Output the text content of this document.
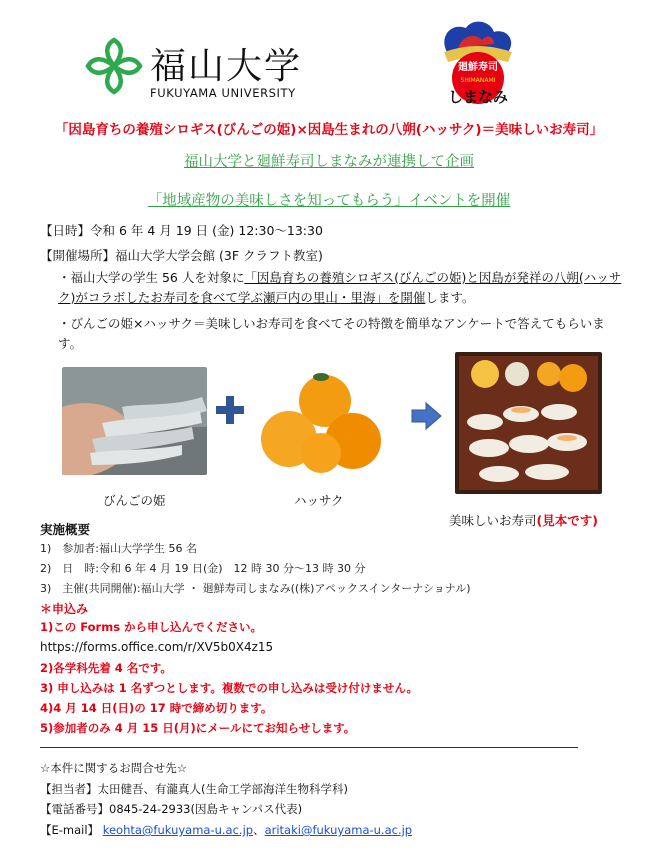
福山大学
FUKUYAMA UNIVERSITY
廻鮮寿司
SHIMANAMI
しまなみ
「因島育ちの養殖シロギス(びんごの姫)×因島生まれの八朔(ハッサク)＝美味しいお寿司」
福山大学と廻鮮寿司しまなみが連携して企画
「地域産物の美味しさを知ってもらう」イベントを開催
【日時】令和 6 年 4 月 19 日 (金) 12:30〜13:30
【開催場所】福山大学大学会館 (3F クラフト教室)
・福山大学の学生 56 人を対象に「因島育ちの養殖シロギス(びんごの姫)と因島が発祥の八朔(ハッサク)がコラボしたお寿司を食べて学ぶ瀬戸内の里山・里海」を開催します。
・びんごの姫×ハッサク＝美味しいお寿司を食べてその特徴を簡単なアンケートで答えてもらいます。
びんごの姫	ハッサク
美味しいお寿司(見本です)
実施概要
1)　参加者:福山大学学生 56 名
2)　日　時:令和 6 年 4 月 19 日(金)　12 時 30 分〜13 時 30 分
3)　主催(共同開催):福山大学 ・ 廻鮮寿司しまなみ((株)アペックスインターナショナル)
＊申込み
1)この Forms から申し込んでください。
https://forms.office.com/r/XV5b0X4z15
2)各学科先着 4 名です。
3) 申し込みは 1 名ずつとします。複数での申し込みは受け付けません。
4)4 月 14 日(日)の 17 時で締め切ります。
5)参加者のみ 4 月 15 日(月)にメールにてお知らせします。
☆本件に関するお問合せ先☆
【担当者】太田健吾、有瀧真人(生命工学部海洋生物科学科)
【電話番号】0845-24-2933(因島キャンパス代表)
【E-mail】 keohta@fukuyama-u.ac.jp、aritaki@fukuyama-u.ac.jp
